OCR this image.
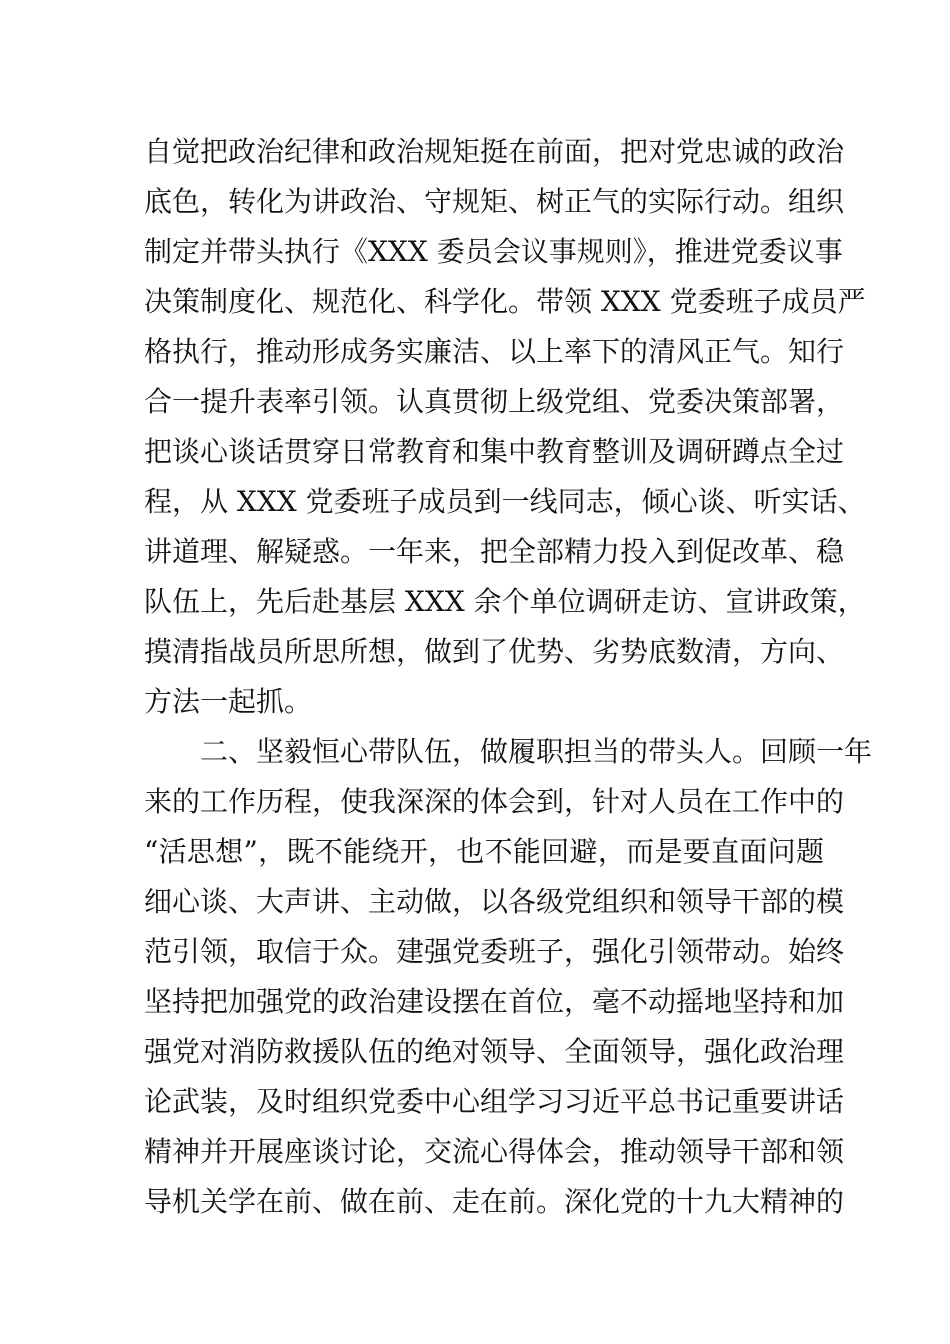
自觉把政治纪律和政治规矩挺在前面，把对党忠诚的政治
底色，转化为讲政治、守规矩、树正气的实际行动。组织
制定并带头执行《XXX 委员会议事规则》，推进党委议事
决策制度化、规范化、科学化。带领 XXX 党委班子成员严
格执行，推动形成务实廉洁、以上率下的清风正气。知行
合一提升表率引领。认真贯彻上级党组、党委决策部署，
把谈心谈话贯穿日常教育和集中教育整训及调研蹲点全过
程，从 XXX 党委班子成员到一线同志，倾心谈、听实话、
讲道理、解疑惑。一年来，把全部精力投入到促改革、稳
队伍上，先后赴基层 XXX 余个单位调研走访、宣讲政策，
摸清指战员所思所想，做到了优势、劣势底数清，方向、
方法一起抓。
　　二、坚毅恒心带队伍，做履职担当的带头人。回顾一年
来的工作历程，使我深深的体会到，针对人员在工作中的
“活思想”，既不能绕开，也不能回避，而是要直面问题
细心谈、大声讲、主动做，以各级党组织和领导干部的模
范引领，取信于众。建强党委班子，强化引领带动。始终
坚持把加强党的政治建设摆在首位，毫不动摇地坚持和加
强党对消防救援队伍的绝对领导、全面领导，强化政治理
论武装，及时组织党委中心组学习习近平总书记重要讲话
精神并开展座谈讨论，交流心得体会，推动领导干部和领
导机关学在前、做在前、走在前。深化党的十九大精神的
